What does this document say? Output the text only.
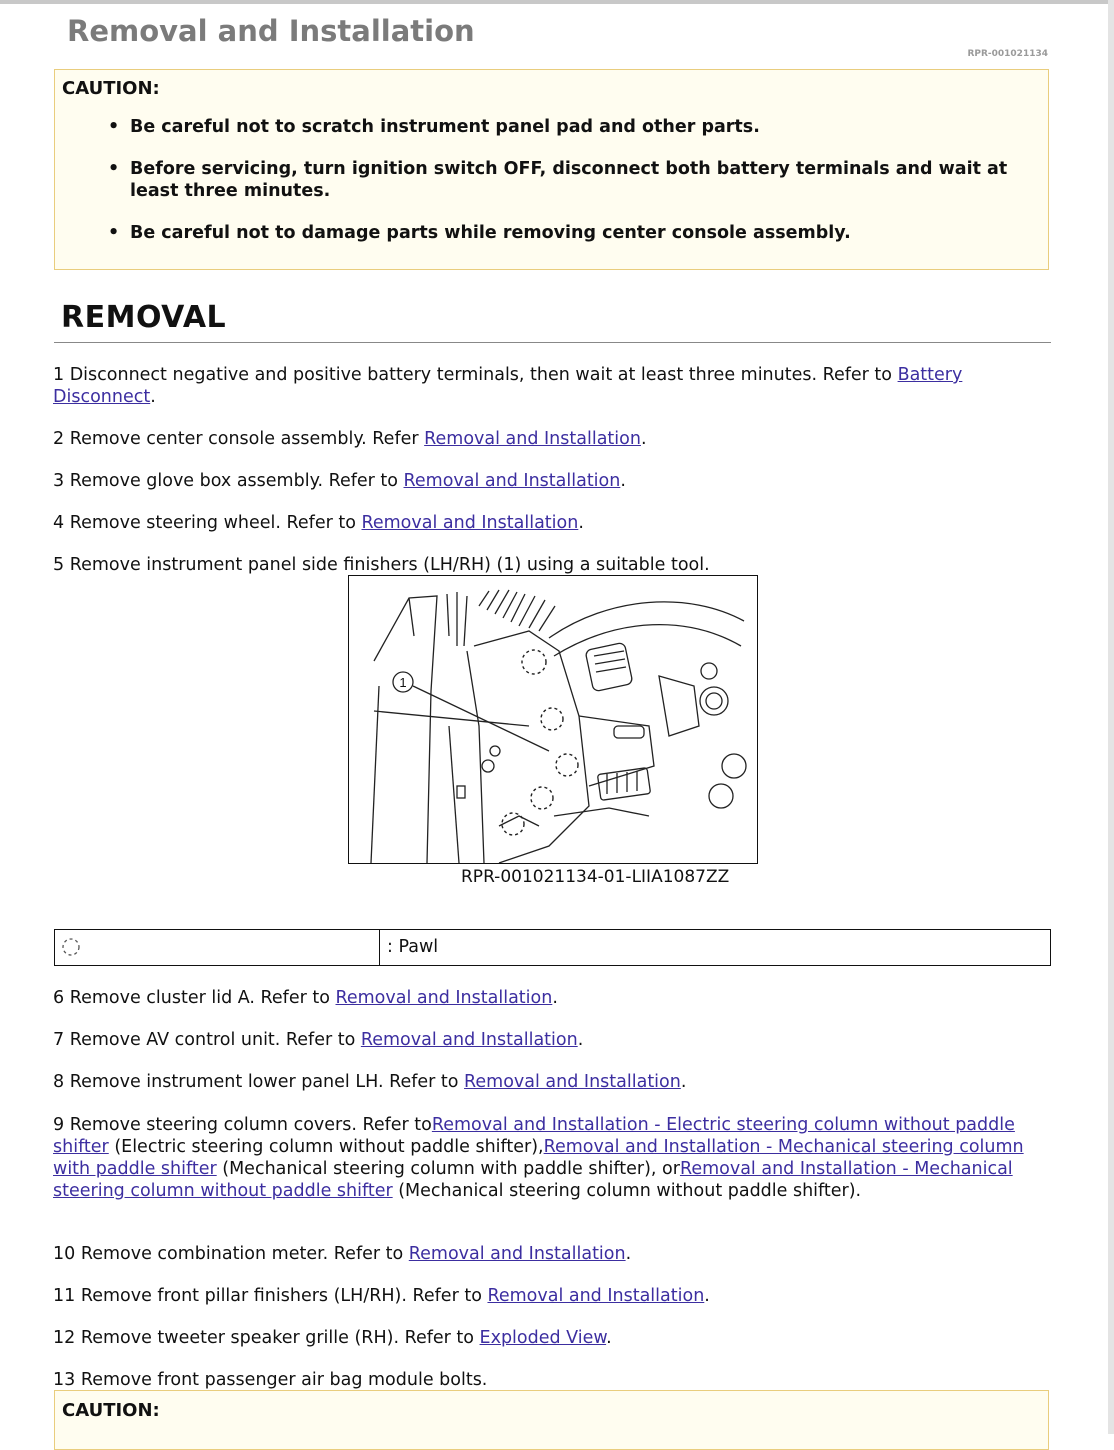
Removal and Installation
RPR-001021134
CAUTION:
• Be careful not to scratch instrument panel pad and other parts.
• Before servicing, turn ignition switch OFF, disconnect both battery terminals and wait at least three minutes.
• Be careful not to damage parts while removing center console assembly.
REMOVAL
1 Disconnect negative and positive battery terminals, then wait at least three minutes. Refer to Battery Disconnect.
2 Remove center console assembly. Refer Removal and Installation.
3 Remove glove box assembly. Refer to Removal and Installation.
4 Remove steering wheel. Refer to Removal and Installation.
5 Remove instrument panel side finishers (LH/RH) (1) using a suitable tool.
1
RPR-001021134-01-LIIA1087ZZ
: Pawl
6 Remove cluster lid A. Refer to Removal and Installation.
7 Remove AV control unit. Refer to Removal and Installation.
8 Remove instrument lower panel LH. Refer to Removal and Installation.
9 Remove steering column covers. Refer toRemoval and Installation - Electric steering column without paddle shifter (Electric steering column without paddle shifter),Removal and Installation - Mechanical steering column with paddle shifter (Mechanical steering column with paddle shifter), orRemoval and Installation - Mechanical steering column without paddle shifter (Mechanical steering column without paddle shifter).
10 Remove combination meter. Refer to Removal and Installation.
11 Remove front pillar finishers (LH/RH). Refer to Removal and Installation.
12 Remove tweeter speaker grille (RH). Refer to Exploded View.
13 Remove front passenger air bag module bolts.
CAUTION:
